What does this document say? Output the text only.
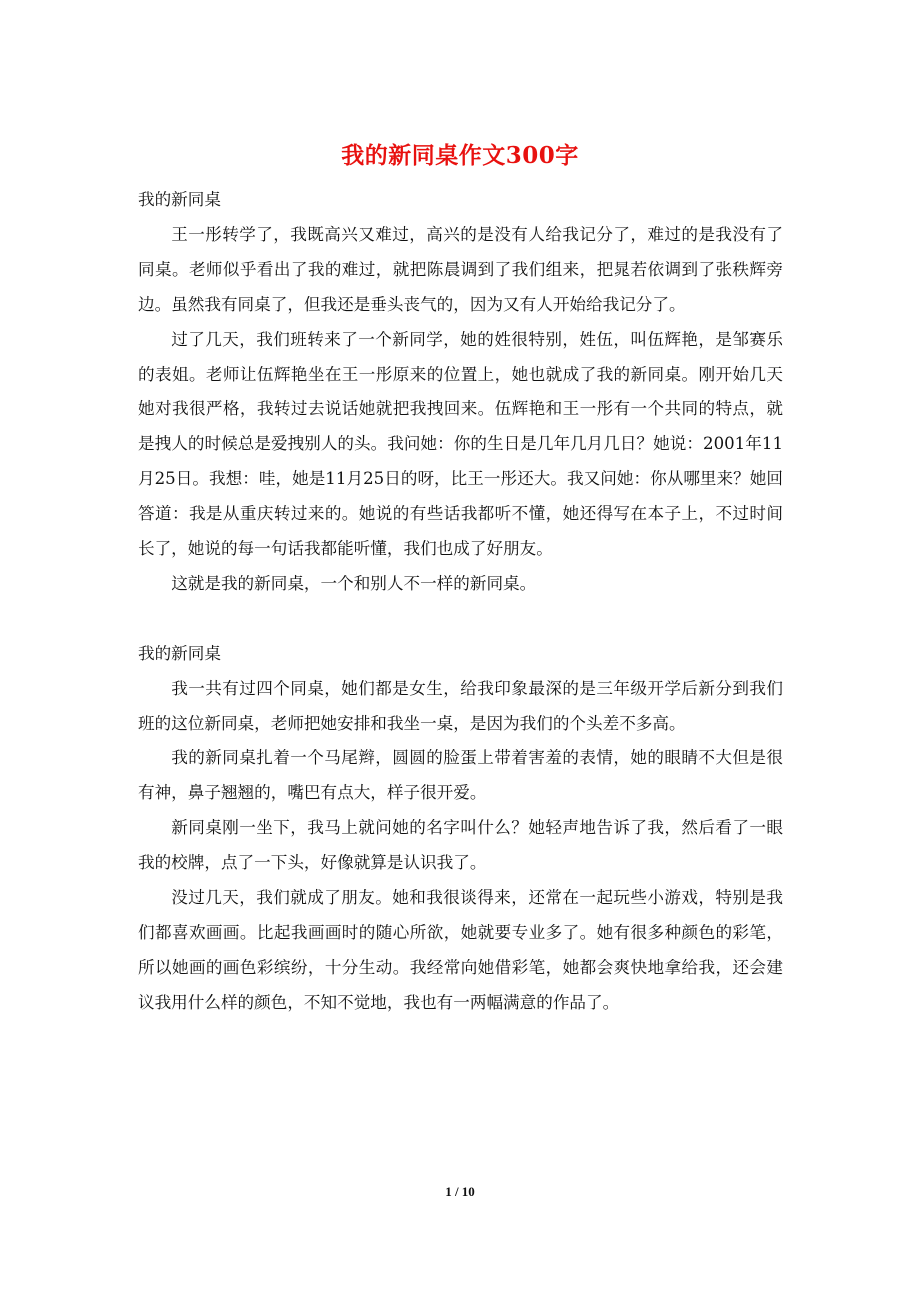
我的新同桌作文300字

我的新同桌

王一彤转学了，我既高兴又难过，高兴的是没有人给我记分了，难过的是我没有了同桌。老师似乎看出了我的难过，就把陈晨调到了我们组来，把晁若依调到了张秩辉旁边。虽然我有同桌了，但我还是垂头丧气的，因为又有人开始给我记分了。

过了几天，我们班转来了一个新同学，她的姓很特别，姓伍，叫伍辉艳，是邹赛乐的表姐。老师让伍辉艳坐在王一彤原来的位置上，她也就成了我的新同桌。刚开始几天她对我很严格，我转过去说话她就把我拽回来。伍辉艳和王一彤有一个共同的特点，就是拽人的时候总是爱拽别人的头。我问她：你的生日是几年几月几日？她说：2001年11月25日。我想：哇，她是11月25日的呀，比王一彤还大。我又问她：你从哪里来？她回答道：我是从重庆转过来的。她说的有些话我都听不懂，她还得写在本子上，不过时间长了，她说的每一句话我都能听懂，我们也成了好朋友。

这就是我的新同桌，一个和别人不一样的新同桌。

我的新同桌

我一共有过四个同桌，她们都是女生，给我印象最深的是三年级开学后新分到我们班的这位新同桌，老师把她安排和我坐一桌，是因为我们的个头差不多高。

我的新同桌扎着一个马尾辫，圆圆的脸蛋上带着害羞的表情，她的眼睛不大但是很有神，鼻子翘翘的，嘴巴有点大，样子很开爱。

新同桌刚一坐下，我马上就问她的名字叫什么？她轻声地告诉了我，然后看了一眼我的校牌，点了一下头，好像就算是认识我了。

没过几天，我们就成了朋友。她和我很谈得来，还常在一起玩些小游戏，特别是我们都喜欢画画。比起我画画时的随心所欲，她就要专业多了。她有很多种颜色的彩笔，所以她画的画色彩缤纷，十分生动。我经常向她借彩笔，她都会爽快地拿给我，还会建议我用什么样的颜色，不知不觉地，我也有一两幅满意的作品了。

1 / 10
